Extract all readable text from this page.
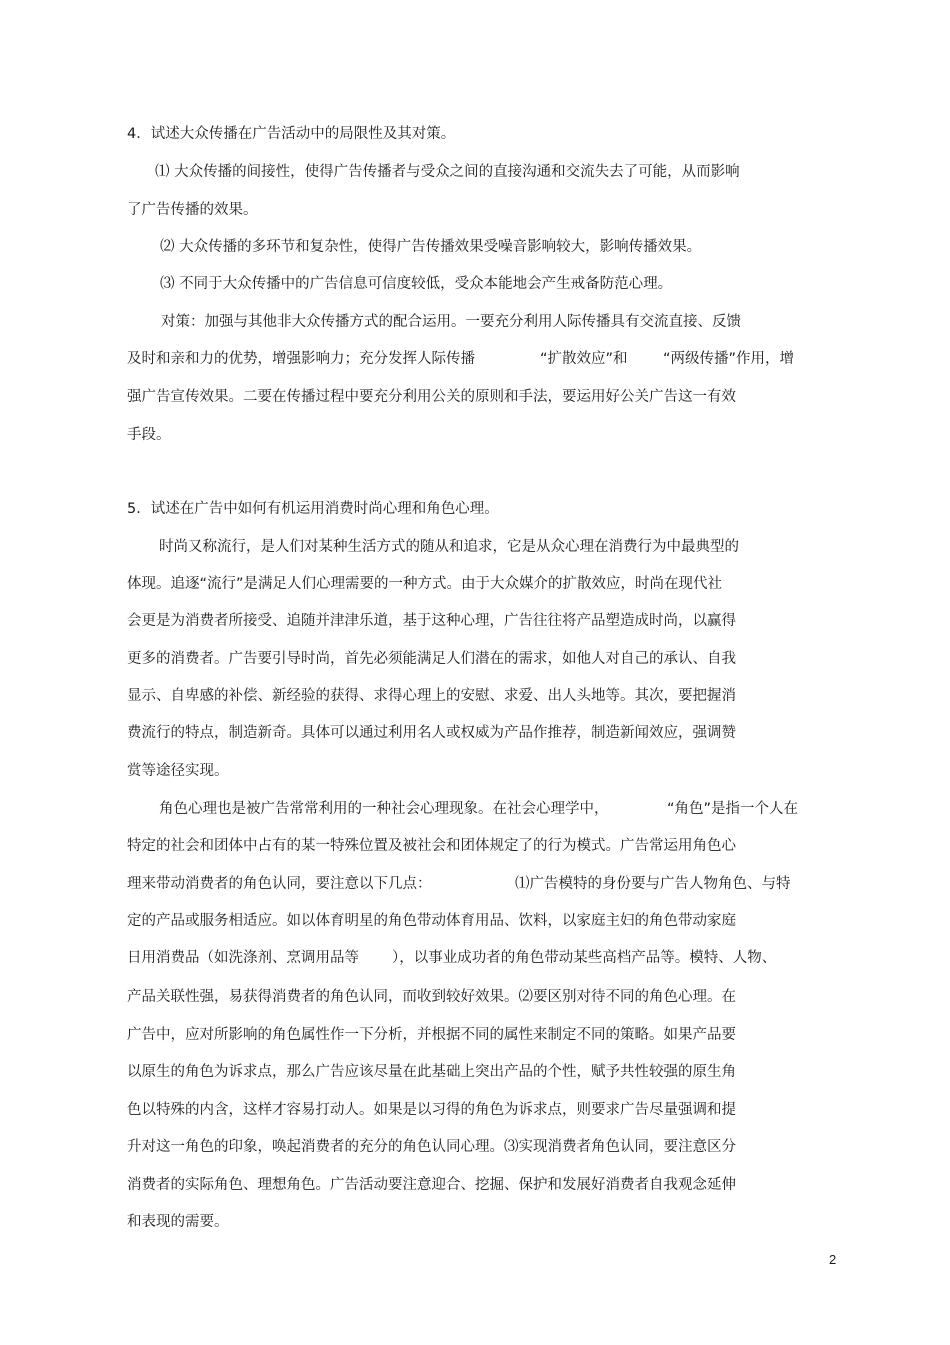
4．试述大众传播在广告活动中的局限性及其对策。
⑴ 大众传播的间接性，使得广告传播者与受众之间的直接沟通和交流失去了可能，从而影响
了广告传播的效果。
⑵ 大众传播的多环节和复杂性，使得广告传播效果受噪音影响较大，影响传播效果。
⑶ 不同于大众传播中的广告信息可信度较低，受众本能地会产生戒备防范心理。
对策：加强与其他非大众传播方式的配合运用。一要充分利用人际传播具有交流直接、反馈
及时和亲和力的优势，增强影响力；充分发挥人际传播	“扩散效应”和 “两级传播”作用，增
强广告宣传效果。二要在传播过程中要充分利用公关的原则和手法，要运用好公关广告这一有效
手段。
5．试述在广告中如何有机运用消费时尚心理和角色心理。
时尚又称流行，是人们对某种生活方式的随从和追求，它是从众心理在消费行为中最典型的
体现。追逐“流行”是满足人们心理需要的一种方式。由于大众媒介的扩散效应，时尚在现代社
会更是为消费者所接受、追随并津津乐道，基于这种心理，广告往往将产品塑造成时尚，以赢得
更多的消费者。广告要引导时尚，首先必须能满足人们潜在的需求，如他人对自己的承认、自我
显示、自卑感的补偿、新经验的获得、求得心理上的安慰、求爱、出人头地等。其次，要把握消
费流行的特点，制造新奇。具体可以通过利用名人或权威为产品作推荐，制造新闻效应，强调赞
赏等途径实现。
角色心理也是被广告常常利用的一种社会心理现象。在社会心理学中，	“角色”是指一个人在
特定的社会和团体中占有的某一特殊位置及被社会和团体规定了的行为模式。广告常运用角色心
理来带动消费者的角色认同，要注意以下几点：	⑴广告模特的身份要与广告人物角色、与特
定的产品或服务相适应。如以体育明星的角色带动体育用品、饮料，以家庭主妇的角色带动家庭
日用消费品（如洗涤剂、烹调用品等 ），以事业成功者的角色带动某些高档产品等。模特、人物、
产品关联性强，易获得消费者的角色认同，而收到较好效果。⑵要区别对待不同的角色心理。在
广告中，应对所影响的角色属性作一下分析，并根据不同的属性来制定不同的策略。如果产品要
以原生的角色为诉求点，那么广告应该尽量在此基础上突出产品的个性，赋予共性较强的原生角
色以特殊的内含，这样才容易打动人。如果是以习得的角色为诉求点，则要求广告尽量强调和提
升对这一角色的印象，唤起消费者的充分的角色认同心理。⑶实现消费者角色认同，要注意区分
消费者的实际角色、理想角色。广告活动要注意迎合、挖掘、保护和发展好消费者自我观念延伸
和表现的需要。
2
